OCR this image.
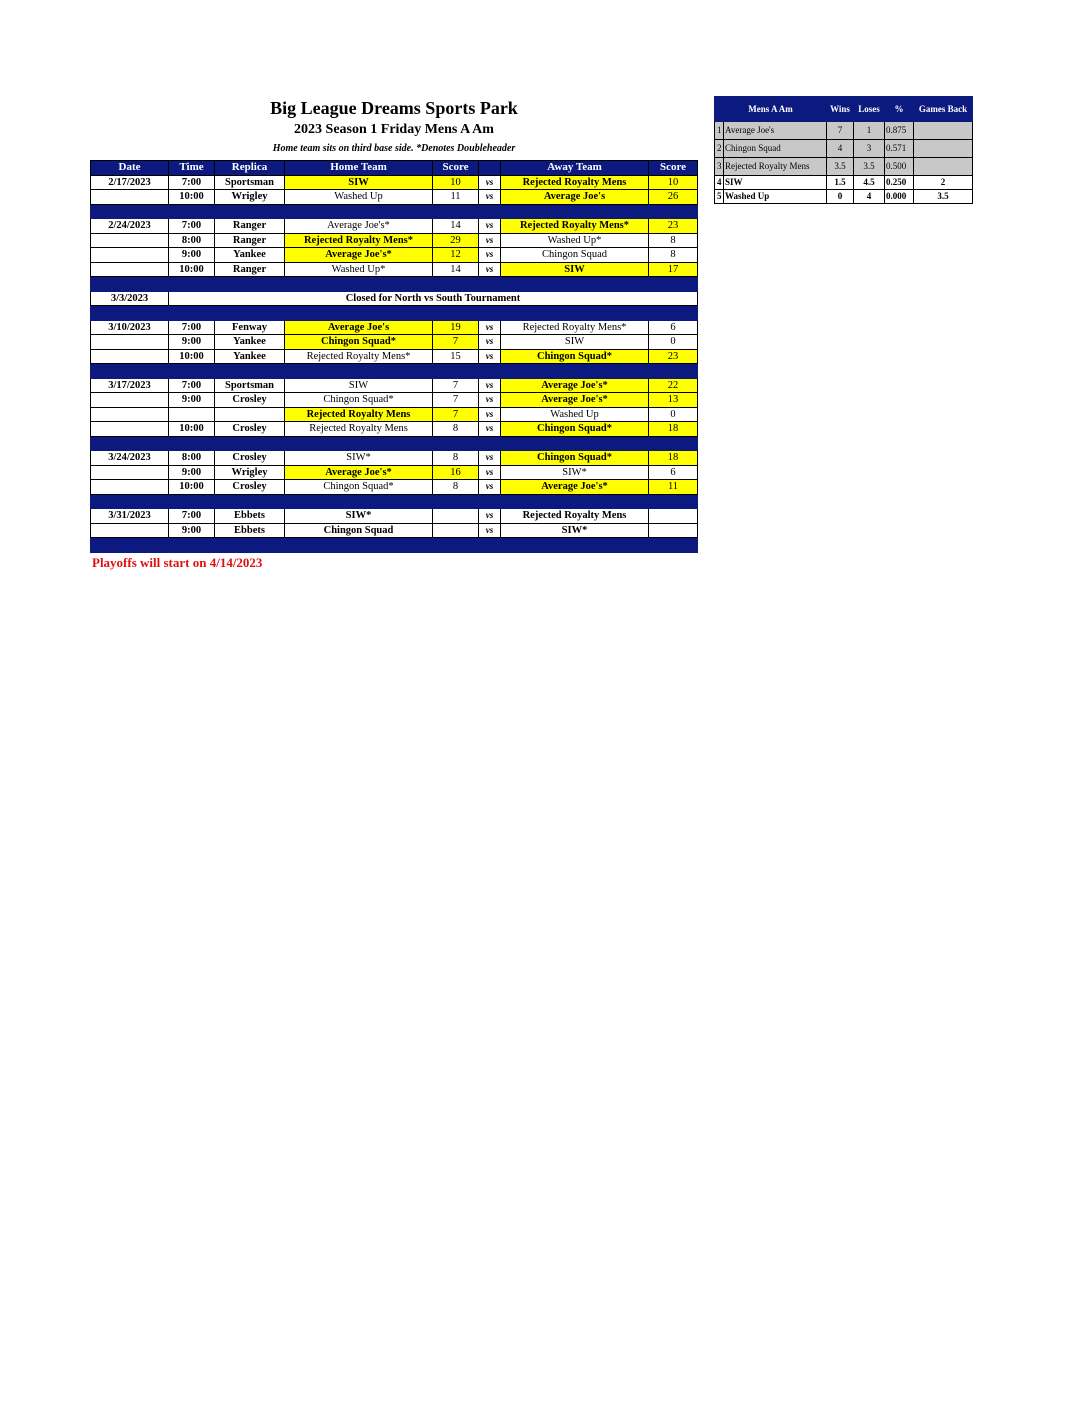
Big League Dreams Sports Park
2023 Season 1 Friday Mens A Am
Home team sits on third base side. *Denotes Doubleheader
Date	Time	Replica	Home Team	Score		Away Team	Score
2/17/2023	7:00	Sportsman	SIW	10	vs	Rejected Royalty Mens	10
	10:00	Wrigley	Washed Up	11	vs	Average Joe's	26

2/24/2023	7:00	Ranger	Average Joe's*	14	vs	Rejected Royalty Mens*	23
	8:00	Ranger	Rejected Royalty Mens*	29	vs	Washed Up*	8
	9:00	Yankee	Average Joe's*	12	vs	Chingon Squad	8
	10:00	Ranger	Washed Up*	14	vs	SIW	17

3/3/2023	Closed for North vs South Tournament						

3/10/2023	7:00	Fenway	Average Joe's	19	vs	Rejected Royalty Mens*	6
	9:00	Yankee	Chingon Squad*	7	vs	SIW	0
	10:00	Yankee	Rejected Royalty Mens*	15	vs	Chingon Squad*	23

3/17/2023	7:00	Sportsman	SIW	7	vs	Average Joe's*	22
	9:00	Crosley	Chingon Squad*	7	vs	Average Joe's*	13
			Rejected Royalty Mens	7	vs	Washed Up	0
	10:00	Crosley	Rejected Royalty Mens	8	vs	Chingon Squad*	18

3/24/2023	8:00	Crosley	SIW*	8	vs	Chingon Squad*	18
	9:00	Wrigley	Average Joe's*	16	vs	SIW*	6
	10:00	Crosley	Chingon Squad*	8	vs	Average Joe's*	11

3/31/2023	7:00	Ebbets	SIW*		vs	Rejected Royalty Mens	
	9:00	Ebbets	Chingon Squad		vs	SIW*	

Playoffs will start on 4/14/2023
Mens A Am		Wins	Loses	%	Games Back
1	Average Joe's	7	1	0.875	
2	Chingon Squad	4	3	0.571	
3	Rejected Royalty Mens	3.5	3.5	0.500	
4	SIW	1.5	4.5	0.250	2
5	Washed Up	0	4	0.000	3.5
